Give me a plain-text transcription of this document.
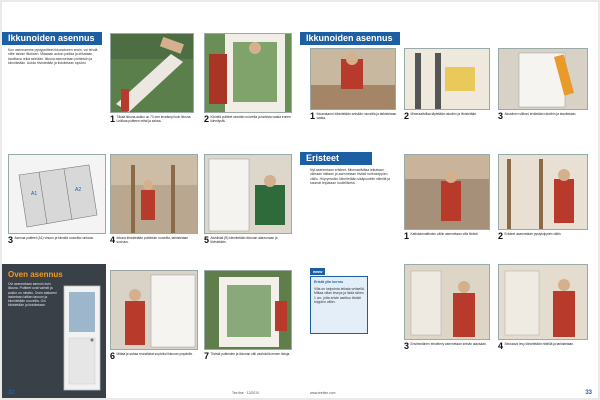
Ikkunoiden asennus
Kun asennamme pystypuitteet ikkunoineen ensin, voi tehdä niille tarkan liitoksen. Mitataan aukon paikka ja leikataan tarvittava reikä seinään. Ikkuna asennetaan puitteisiin ja kiinnitetään. Aukko tiivistetään ja listoitetaan lopuksi.
1 Tässä ikkuna-aukko on 70 mm leveämpi kuin ikkuna. Leikkaa puitteen mitat ja sahaa.	2 Kiinnitä puitteet seinään ruuveilla ja tarkista vaaka ennen kiinnitystä.
A1
A2
3 Asenna puitteet (A1) vinoon ja kiinnitä ruuveilla runkoon.	4 Ikkuna kiinnitetään puitteisiin ruuveilla, tarkistetaan suoruus.	5 Aluslistat (B) kiinnitetään ikkunan alareunaan ja tiivistetään.
Oven asennus
Ovi asennetaan samoin kuin ikkuna. Puitteet ovat valmiit ja aukko on mitattu. Oven alakarmi lasketaan lattian tasoon ja kiinnitetään ruuveilla. Ovi tiivistetään ja listoitetaan.
6 Mittaa ja sahaa reunalistat sopiviksi ikkunan ympärille.	7 Tiivistä puitteiden ja ikkunan väli vaahdolla ennen listoja.
Tee itse · 12/2010
32
Ikkunoiden asennus
1 Ikkunakarmi kiinnitetään seinään ruuveilla ja tarkistetaan vaaka.	2 Mineraalivillaa täytetään rakoihin ja tiivistetään.	3 Akustinen silikoni levitetään rakoihin ja tasoitetaan.
Eristeet
Nyt asennetaan eristeet. Mineraalivillaa leikataan oikeaan mittaan ja asennetaan tiiviisti runkotolppien väliin. Höyrynsulku kiinnitetään sisäpuolelle niiteillä ja saumat teipataan huolellisesti.
www
Eristä ylin kerros
Villa on helpointa leikata veitsellä. Mittaa villan leveys ja lisää siihen 1 cm, jotta eriste asettuu tiiviisti tolppien väliin.
1 Kattokannattimien väliin asennetaan villa tiiviisti.	2 Eristeet asennetaan pystytolppien väliin.
3 Ensimmäinen eristelevy asennetaan seinän alaosaan.	4 Seuraava levy kiinnitetään niiteillä ja tarkistetaan.
www.teeitse.com	33
